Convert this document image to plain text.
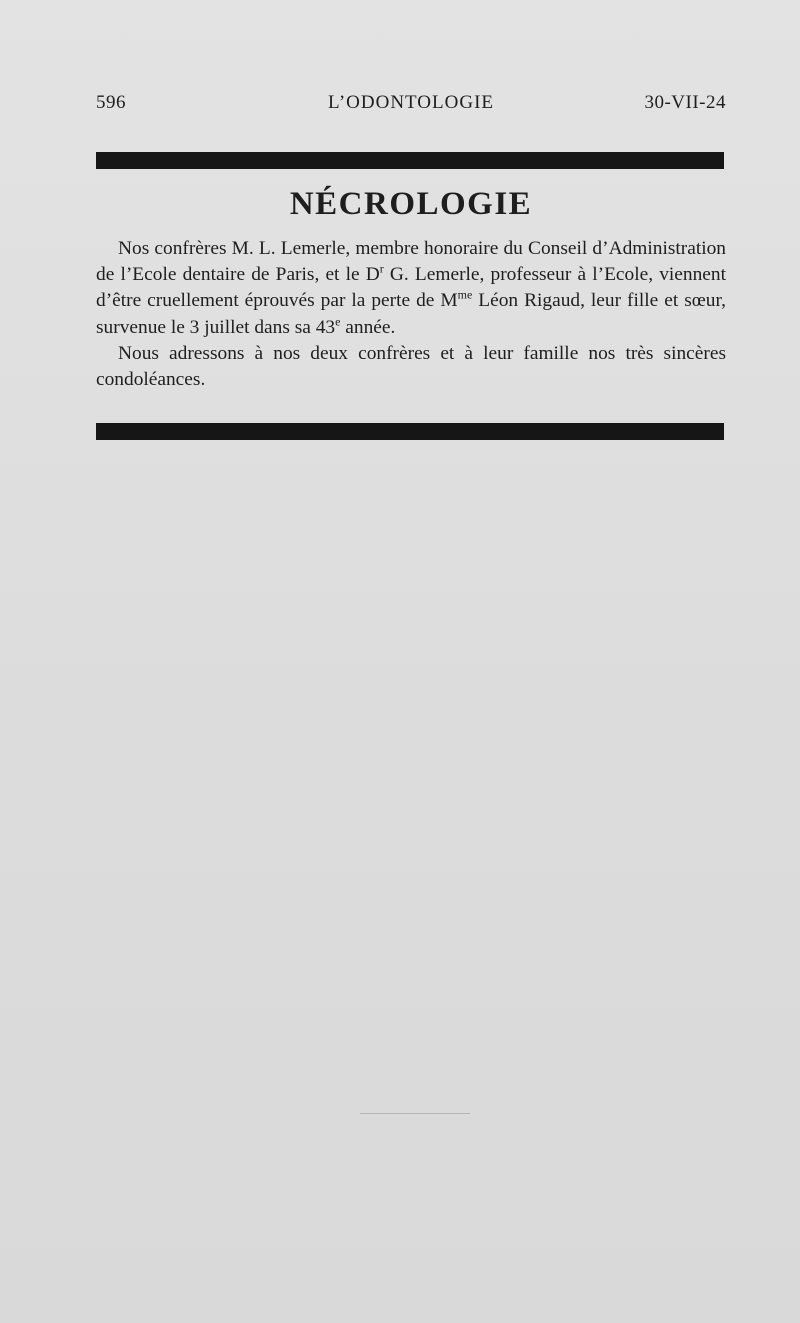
596	L’ODONTOLOGIE	30-VII-24
NÉCROLOGIE

Nos confrères M. L. Lemerle, membre honoraire du Conseil d’Administration de l’Ecole dentaire de Paris, et le $D^r$ G. Lemerle, professeur à l’Ecole, viennent d’être cruellement éprouvés par la perte de $M^{me}$ Léon Rigaud, leur fille et sœur, survenue le 3 juillet dans sa 43e année.

Nous adressons à nos deux confrères et à leur famille nos très sincères condoléances.
